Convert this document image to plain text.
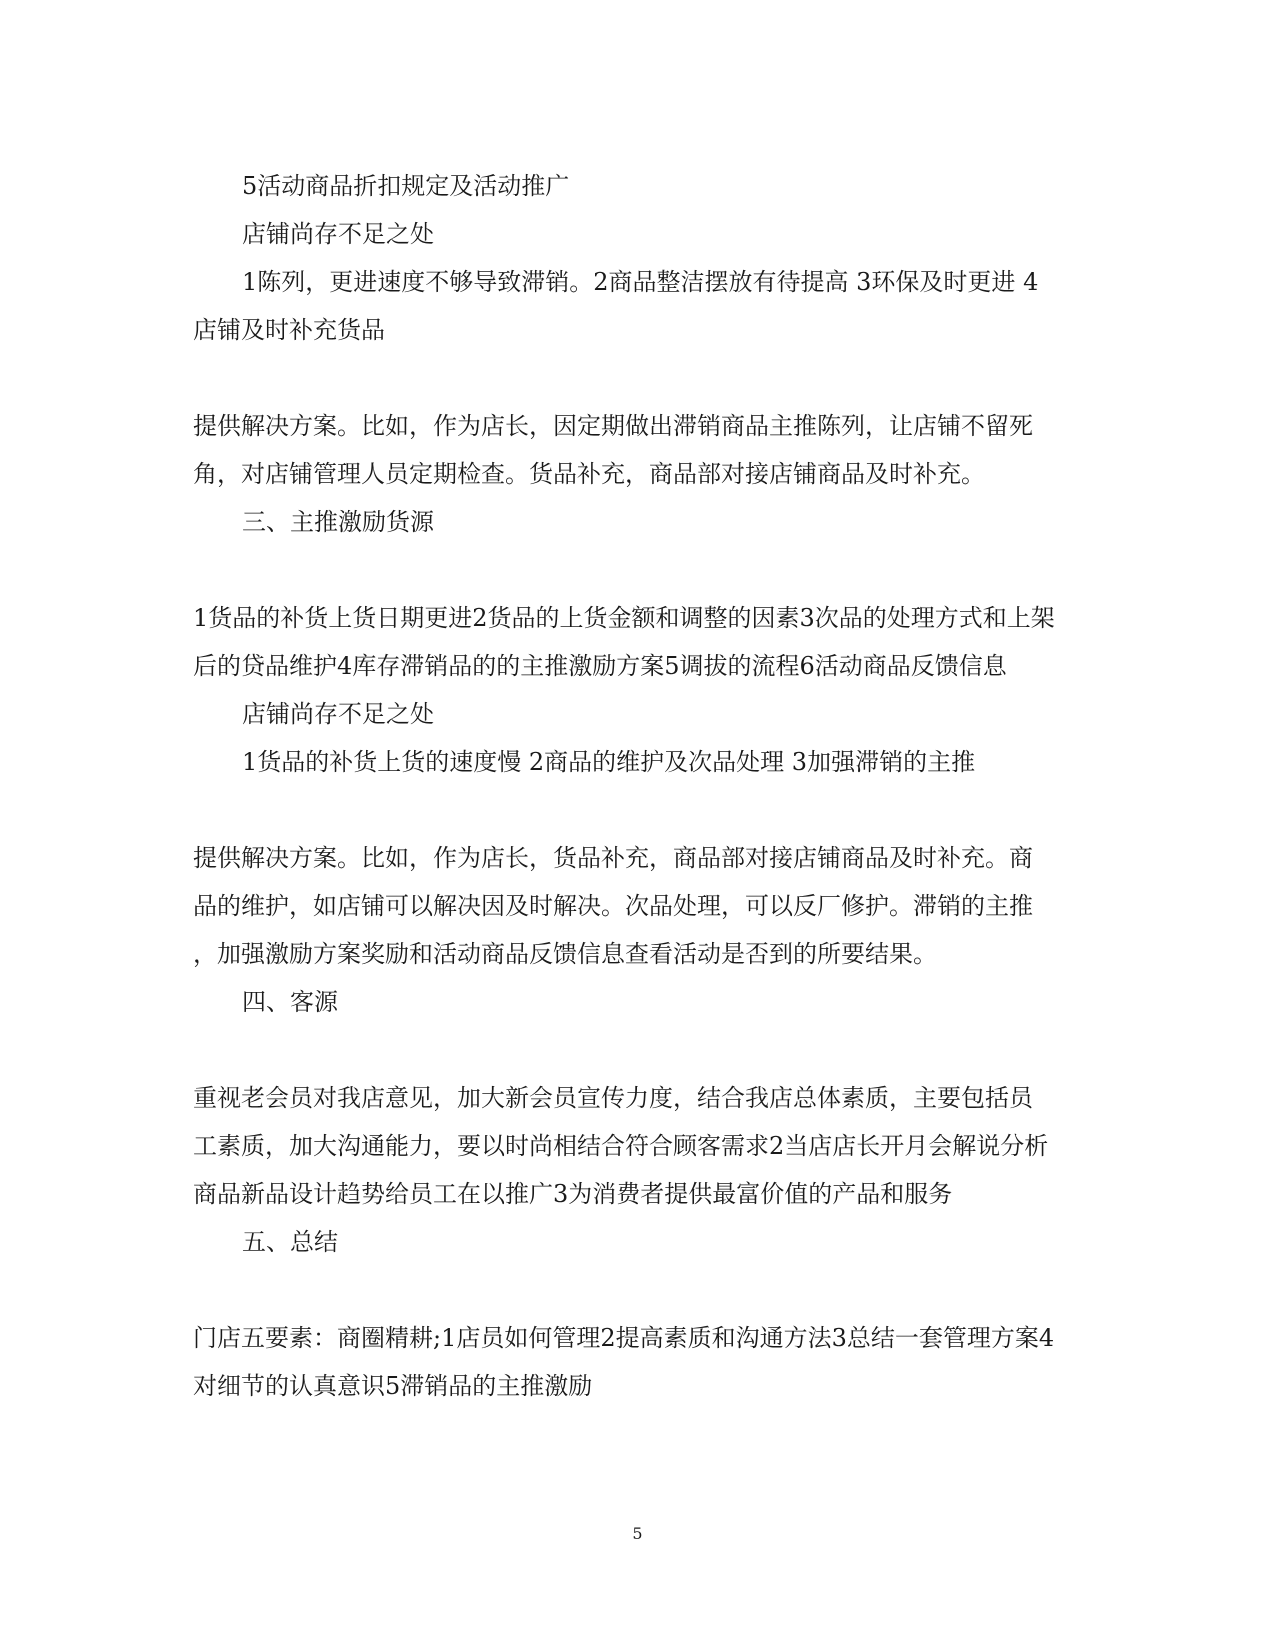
5活动商品折扣规定及活动推广
店铺尚存不足之处
1陈列，更进速度不够导致滞销。2商品整洁摆放有待提高 3环保及时更进 4
店铺及时补充货品
提供解决方案。比如，作为店长，因定期做出滞销商品主推陈列，让店铺不留死
角，对店铺管理人员定期检查。货品补充，商品部对接店铺商品及时补充。
三、主推激励货源
1货品的补货上货日期更进2货品的上货金额和调整的因素3次品的处理方式和上架
后的贷品维护4库存滞销品的的主推激励方案5调拔的流程6活动商品反馈信息
店铺尚存不足之处
1货品的补货上货的速度慢 2商品的维护及次品处理 3加强滞销的主推
提供解决方案。比如，作为店长，货品补充，商品部对接店铺商品及时补充。商
品的维护，如店铺可以解决因及时解决。次品处理，可以反厂修护。滞销的主推
，加强激励方案奖励和活动商品反馈信息查看活动是否到的所要结果。
四、客源
重视老会员对我店意见，加大新会员宣传力度，结合我店总体素质，主要包括员
工素质，加大沟通能力，要以时尚相结合符合顾客需求2当店店长开月会解说分析
商品新品设计趋势给员工在以推广3为消费者提供最富价值的产品和服务
五、总结
门店五要素：商圈精耕;1店员如何管理2提高素质和沟通方法3总结一套管理方案4
对细节的认真意识5滞销品的主推激励
5
